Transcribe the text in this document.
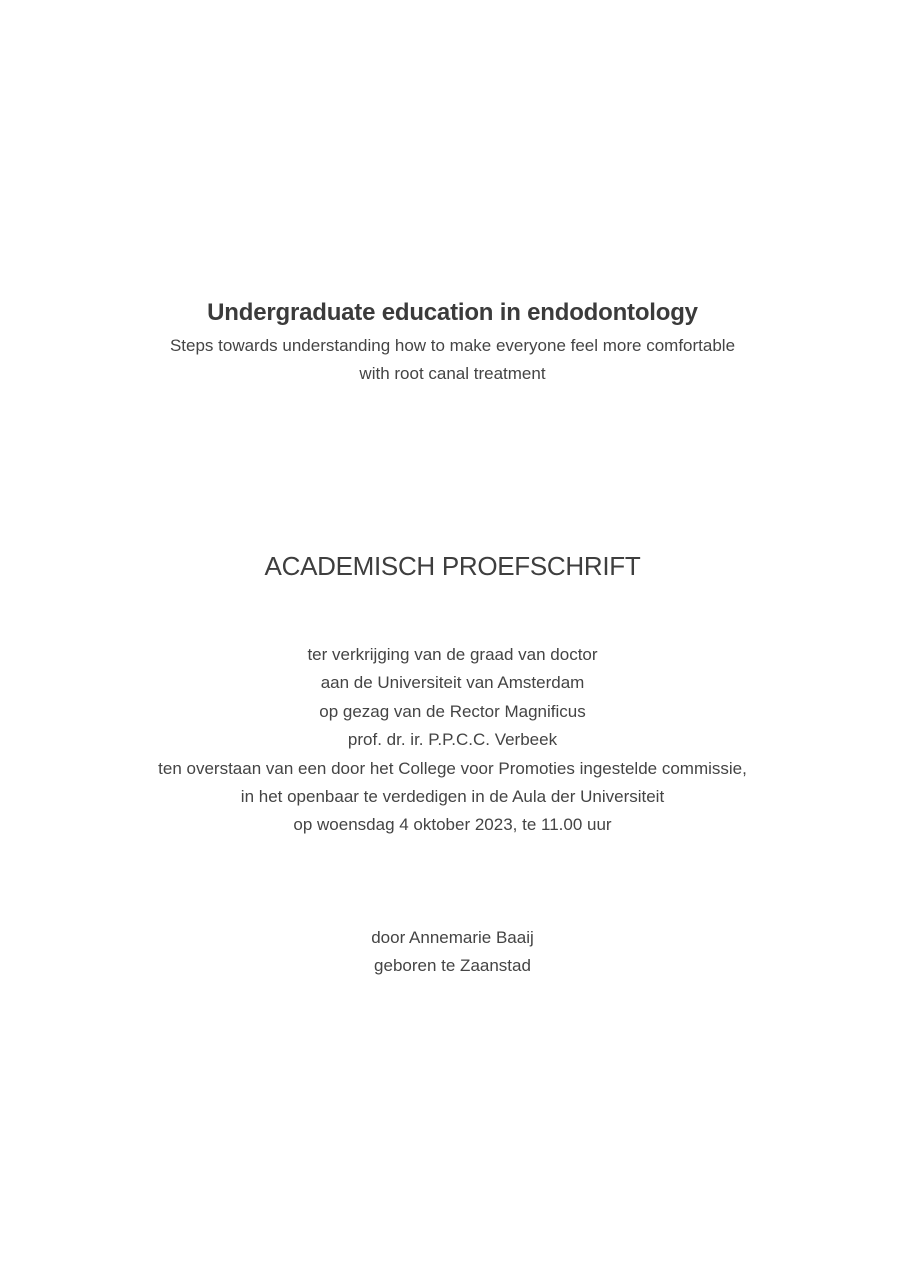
Undergraduate education in endodontology
Steps towards understanding how to make everyone feel more comfortable
with root canal treatment
ACADEMISCH PROEFSCHRIFT
ter verkrijging van de graad van doctor
aan de Universiteit van Amsterdam
op gezag van de Rector Magnificus
prof. dr. ir. P.P.C.C. Verbeek
ten overstaan van een door het College voor Promoties ingestelde commissie,
in het openbaar te verdedigen in de Aula der Universiteit
op woensdag 4 oktober 2023, te 11.00 uur
door Annemarie Baaij
geboren te Zaanstad
